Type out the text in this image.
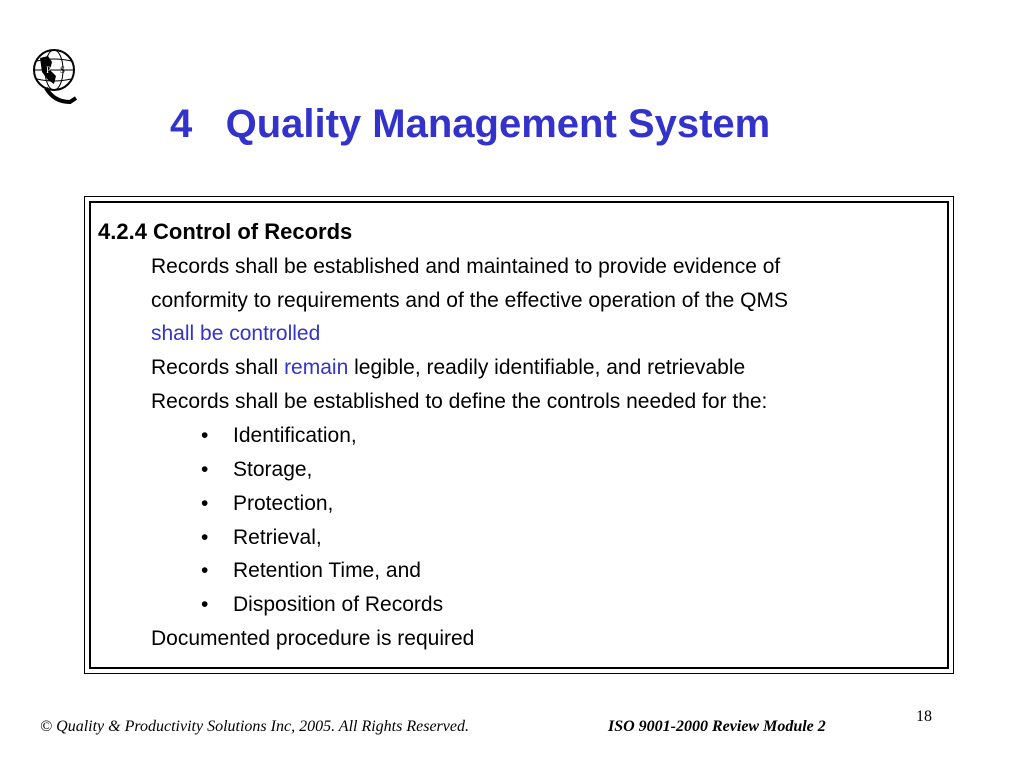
P S
4   Quality Management System
4.2.4 Control of Records
Records shall be established and maintained to provide evidence of
conformity to requirements and of the effective operation of the QMS
shall be controlled
Records shall remain legible, readily identifiable, and retrievable
Records shall be established to define the controls needed for the:
• Identification,
• Storage,
• Protection,
• Retrieval,
• Retention Time, and
• Disposition of Records
Documented procedure is required
© Quality & Productivity Solutions Inc, 2005. All Rights Reserved.	ISO 9001-2000 Review Module 2
18
